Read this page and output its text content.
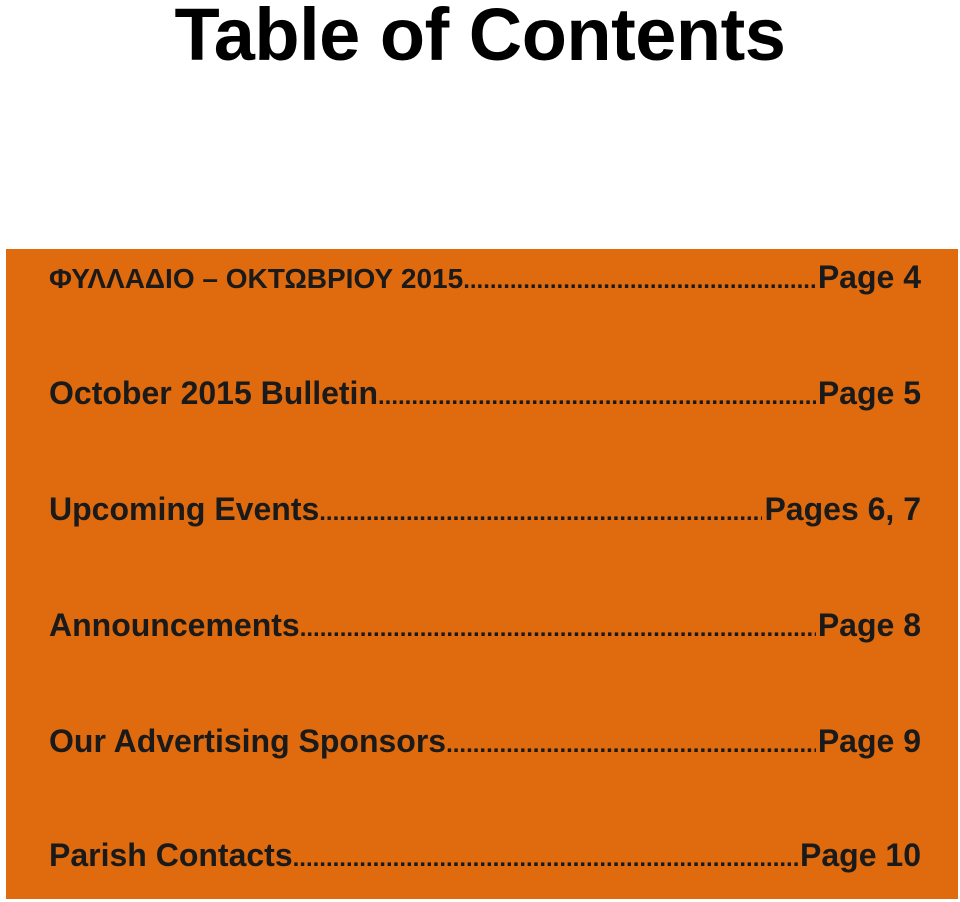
Table of Contents
ΦΥΛΛΑΔΙΟ – ΟΚΤΩΒΡΙΟΥ 2015 .....	Page 4
October 2015 Bulletin .....	Page 5
Upcoming Events .....	Pages 6, 7
Announcements .....	Page 8
Our Advertising Sponsors .....	Page 9
Parish Contacts .....	Page 10
